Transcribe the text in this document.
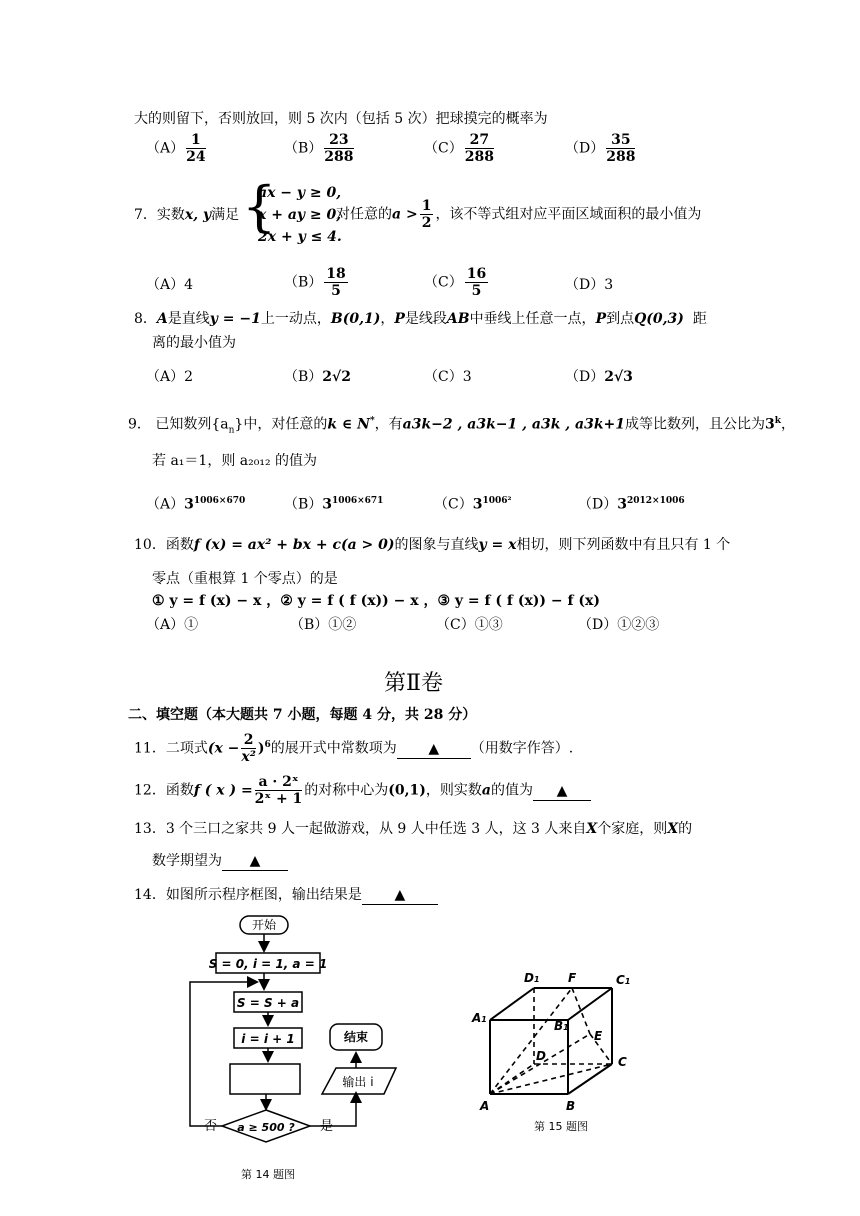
大的则留下，否则放回，则 5 次内（包括 5 次）把球摸完的概率为
$(A) \frac{1}{24}$	$(B) \frac{23}{288}$	$(C) \frac{27}{288}$	$(D) \frac{35}{288}$
7．实数x, y满足 {
ax − y ≥ 0,
x + ay ≥ 0,
2x + y ≤ 4.
对任意的$a > \frac{1}{2}$ ，该不等式组对应平面区域面积的最小值为
（A）4	$(B) \frac{18}{5}$	$(C) \frac{16}{5}$	（D）3
8．A是直线y = −1上一动点，B(0,1)，P是线段AB中垂线上任意一点，P到点Q(0,3) 距
离的最小值为
（A）2	（B）2√2	（C）3	（D）2√3
9． 已知数列$\{a_n\}$中，对任意的k ∈ N*，有a3k−2 , a3k−1 , a3k , a3k+1成等比数列，且公比为3$^k$，
若 a₁＝1，则 a₂₀₁₂ 的值为
$(A)3^{1006\times 670}$	$(B)3^{1006\times 671}$	$(C)3^{1006^2}$	$(D)3^{2012\times 1006}$
10．函数f (x) = ax² + bx + c(a > 0)的图象与直线y = x相切，则下列函数中有且只有 1 个
零点（重根算 1 个零点）的是
① y = f (x) − x ，② y = f ( f (x)) − x ，③ y = f ( f (x)) − f (x)
（A）①	（B）①②	（C）①③	（D）①②③
第Ⅱ卷
二、填空题（本大题共 7 小题，每题 4 分，共 28 分）
11．二项式$(x - \frac{2}{\text{x²}} )^6$的展开式中常数项为 ▲ （用数字作答）.
12．函数f ( x ) = $\frac{\text{a · 2ˣ}}{\text{2ˣ + 1}}$ 的对称中心为(0,1)，则实数a的值为 ▲
13．3 个三口之家共 9 人一起做游戏，从 9 人中任选 3 人，这 3 人来自X个家庭，则X的
数学期望为 ▲
14．如图所示程序框图，输出结果是 ▲
开始
S = 0, i = 1, a = 1
S = S + a
i = i + 1	结束
输出 i
a ≥ 500 ?
否	是
第 14 题图
D1 F	C1
A1	B1
E
D	C
A	B
第 15 题图
